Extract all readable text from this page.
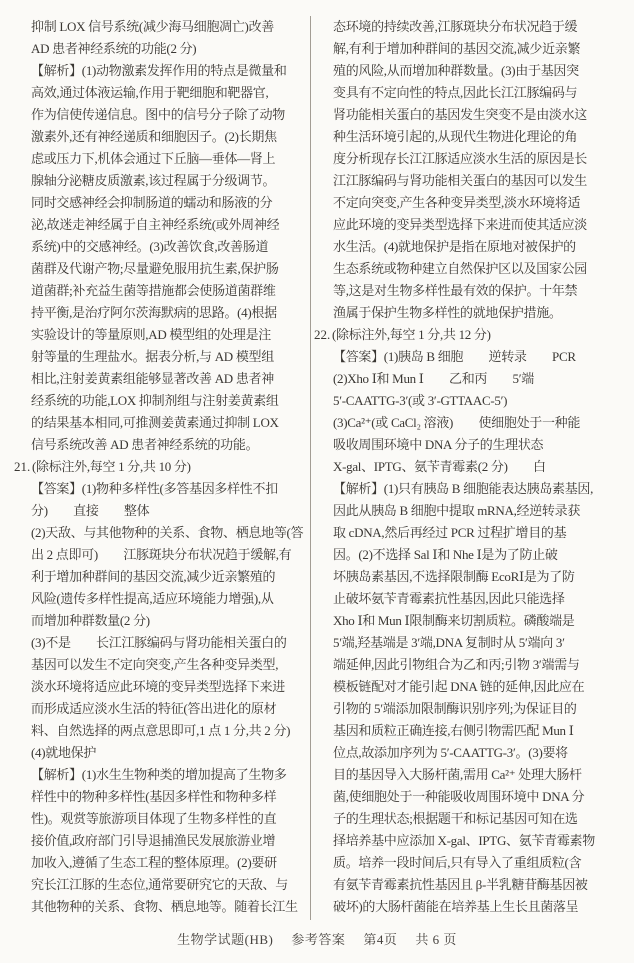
抑制 LOX 信号系统(减少海马细胞凋亡)改善
AD 患者神经系统的功能(2 分)
【解析】(1)动物激素发挥作用的特点是微量和
高效,通过体液运输,作用于靶细胞和靶器官,
作为信使传递信息。图中的信号分子除了动物
激素外,还有神经递质和细胞因子。(2)长期焦
虑或压力下,机体会通过下丘脑—垂体—肾上
腺轴分泌糖皮质激素,该过程属于分级调节。
同时交感神经会抑制肠道的蠕动和肠液的分
泌,故迷走神经属于自主神经系统(或外周神经
系统)中的交感神经。(3)改善饮食,改善肠道
菌群及代谢产物;尽量避免服用抗生素,保护肠
道菌群;补充益生菌等措施都会使肠道菌群维
持平衡,是治疗阿尔茨海默病的思路。(4)根据
实验设计的等量原则,AD 模型组的处理是注
射等量的生理盐水。据表分析,与 AD 模型组
相比,注射姜黄素组能够显著改善 AD 患者神
经系统的功能,LOX 抑制剂组与注射姜黄素组
的结果基本相同,可推测姜黄素通过抑制 LOX
信号系统改善 AD 患者神经系统的功能。
21. (除标注外,每空 1 分,共 10 分)
【答案】(1)物种多样性(多答基因多样性不扣
分)　　直接　　整体
(2)天敌、与其他物种的关系、食物、栖息地等(答
出 2 点即可)　　江豚斑块分布状况趋于缓解,有
利于增加种群间的基因交流,减少近亲繁殖的
风险(遗传多样性提高,适应环境能力增强),从
而增加种群数量(2 分)
(3)不是　　长江江豚编码与肾功能相关蛋白的
基因可以发生不定向突变,产生各种变异类型,
淡水环境将适应此环境的变异类型选择下来进
而形成适应淡水生活的特征(答出进化的原材
料、自然选择的两点意思即可,1 点 1 分,共 2 分)
(4)就地保护
【解析】(1)水生生物种类的增加提高了生物多
样性中的物种多样性(基因多样性和物种多样
性)。观赏等旅游项目体现了生物多样性的直
接价值,政府部门引导退捕渔民发展旅游业增
加收入,遵循了生态工程的整体原理。(2)要研
究长江江豚的生态位,通常要研究它的天敌、与
其他物种的关系、食物、栖息地等。随着长江生
态环境的持续改善,江豚斑块分布状况趋于缓
解,有利于增加种群间的基因交流,减少近亲繁
殖的风险,从而增加种群数量。(3)由于基因突
变具有不定向性的特点,因此长江江豚编码与
肾功能相关蛋白的基因发生突变不是由淡水这
种生活环境引起的,从现代生物进化理论的角
度分析现存长江江豚适应淡水生活的原因是长
江江豚编码与肾功能相关蛋白的基因可以发生
不定向突变,产生各种变异类型,淡水环境将适
应此环境的变异类型选择下来进而使其适应淡
水生活。(4)就地保护是指在原地对被保护的
生态系统或物种建立自然保护区以及国家公园
等,这是对生物多样性最有效的保护。十年禁
渔属于保护生物多样性的就地保护措施。
22. (除标注外,每空 1 分,共 12 分)
【答案】(1)胰岛 B 细胞　　逆转录　　PCR
(2)Xho Ⅰ和 Mun Ⅰ　　乙和丙　　5′端
5′-CAATTG-3′(或 3′-GTTAAC-5′)
(3)Ca²⁺(或 CaCl₂ 溶液)　　使细胞处于一种能
吸收周围环境中 DNA 分子的生理状态
X-gal、IPTG、氨苄青霉素(2 分)　　白
【解析】(1)只有胰岛 B 细胞能表达胰岛素基因,
因此从胰岛 B 细胞中提取 mRNA,经逆转录获
取 cDNA,然后再经过 PCR 过程扩增目的基
因。(2)不选择 Sal Ⅰ和 Nhe Ⅰ是为了防止破
坏胰岛素基因,不选择限制酶 EcoRⅠ是为了防
止破坏氨苄青霉素抗性基因,因此只能选择
Xho Ⅰ和 Mun Ⅰ限制酶来切割质粒。磷酸端是
5′端,羟基端是 3′端,DNA 复制时从 5′端向 3′
端延伸,因此引物组合为乙和丙;引物 3′端需与
模板链配对才能引起 DNA 链的延伸,因此应在
引物的 5′端添加限制酶识别序列;为保证目的
基因和质粒正确连接,右侧引物需匹配 Mun Ⅰ
位点,故添加序列为 5′-CAATTG-3′。(3)要将
目的基因导入大肠杆菌,需用 Ca²⁺ 处理大肠杆
菌,使细胞处于一种能吸收周围环境中 DNA 分
子的生理状态;根据题干和标记基因可知在选
择培养基中应添加 X-gal、IPTG、氨苄青霉素物
质。培养一段时间后,只有导入了重组质粒(含
有氨苄青霉素抗性基因且 β-半乳糖苷酶基因被
破坏)的大肠杆菌能在培养基上生长且菌落呈
生物学试题(HB) 参考答案 第4页 共 6 页
